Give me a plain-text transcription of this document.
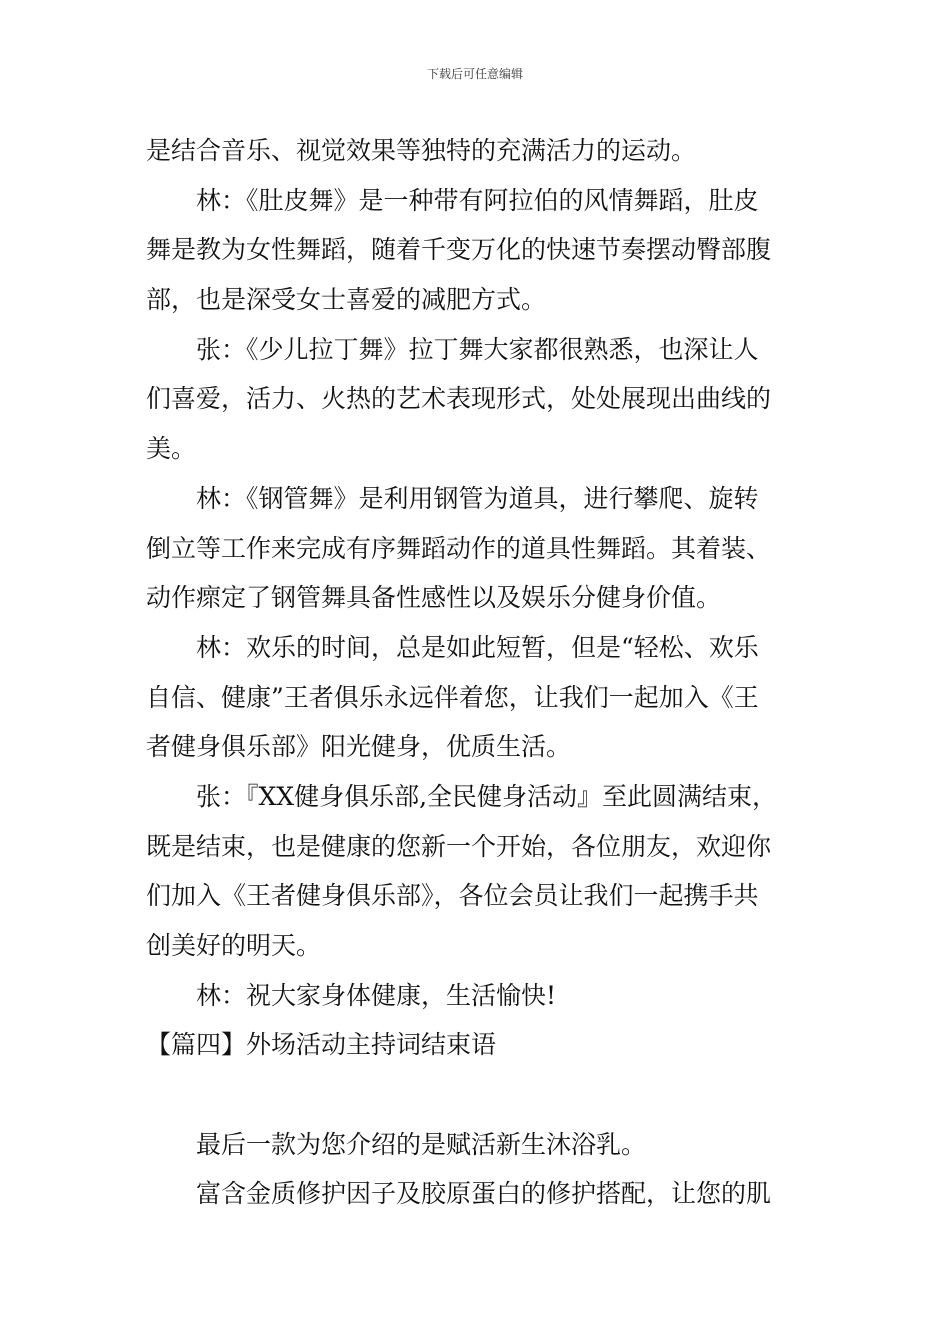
下载后可任意编辑
是结合音乐、视觉效果等独特的充满活力的运动。
林：《肚皮舞》是一种带有阿拉伯的风情舞蹈，肚皮
舞是教为女性舞蹈，随着千变万化的快速节奏摆动臀部腹
部，也是深受女士喜爱的减肥方式。
张：《少儿拉丁舞》拉丁舞大家都很熟悉，也深让人
们喜爱，活力、火热的艺术表现形式，处处展现出曲线的
美。
林：《钢管舞》是利用钢管为道具，进行攀爬、旋转
倒立等工作来完成有序舞蹈动作的道具性舞蹈。其着装、
动作瘝定了钢管舞具备性感性以及娱乐分健身价值。
林：欢乐的时间，总是如此短暂，但是“轻松、欢乐
自信、健康”王者俱乐永远伴着您，让我们一起加入《王
者健身俱乐部》阳光健身，优质生活。
张：『XX健身俱乐部,全民健身活动』至此圆满结束，
既是结束，也是健康的您新一个开始，各位朋友，欢迎你
们加入《王者健身俱乐部》，各位会员让我们一起携手共
创美好的明天。
林：祝大家身体健康，生活愉快!
【篇四】外场活动主持词结束语
最后一款为您介绍的是赋活新生沐浴乳。
富含金质修护因子及胶原蛋白的修护搭配，让您的肌
